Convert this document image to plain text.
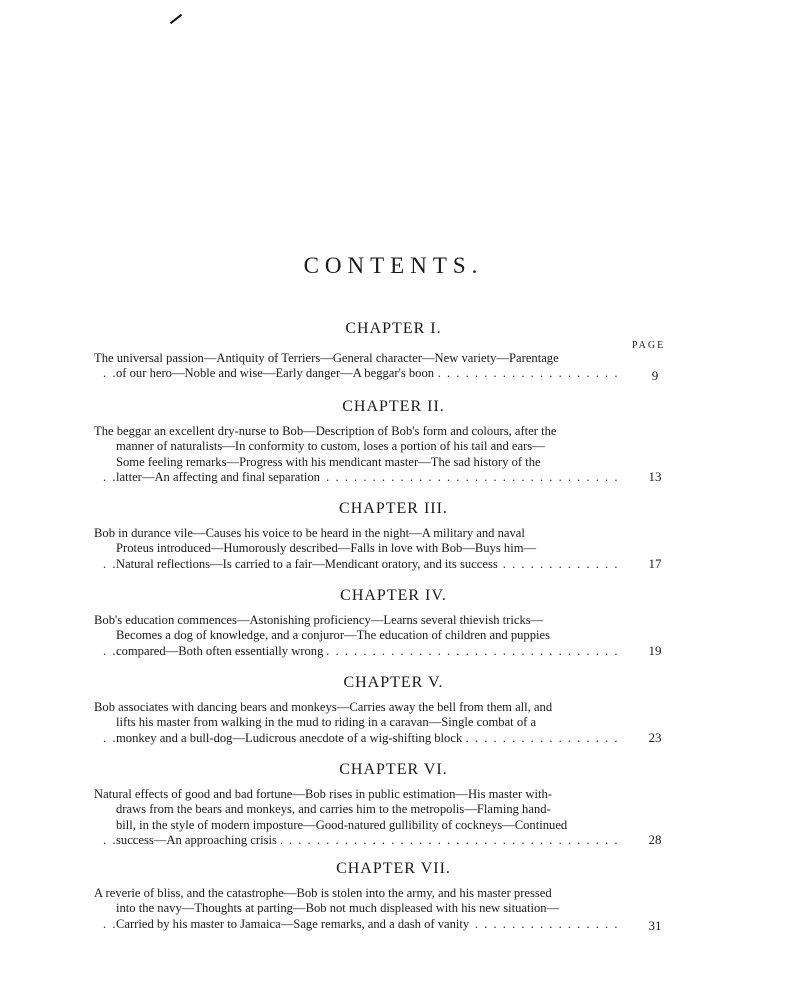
CONTENTS.
PAGE
CHAPTER I.
The universal passion—Antiquity of Terriers—General character—New variety—Parentage
of our hero—Noble and wise—Early danger—A beggar's boon . . .	9
CHAPTER II.
The beggar an excellent dry-nurse to Bob—Description of Bob's form and colours, after the
manner of naturalists—In conformity to custom, loses a portion of his tail and ears—
Some feeling remarks—Progress with his mendicant master—The sad history of the
latter—An affecting and final separation . . .	13
CHAPTER III.
Bob in durance vile—Causes his voice to be heard in the night—A military and naval
Proteus introduced—Humorously described—Falls in love with Bob—Buys him—
Natural reflections—Is carried to a fair—Mendicant oratory, and its success . . .	17
CHAPTER IV.
Bob's education commences—Astonishing proficiency—Learns several thievish tricks—
Becomes a dog of knowledge, and a conjuror—The education of children and puppies
compared—Both often essentially wrong . . .	19
CHAPTER V.
Bob associates with dancing bears and monkeys—Carries away the bell from them all, and
lifts his master from walking in the mud to riding in a caravan—Single combat of a
monkey and a bull-dog—Ludicrous anecdote of a wig-shifting block . . .	23
CHAPTER VI.
Natural effects of good and bad fortune—Bob rises in public estimation—His master with-
draws from the bears and monkeys, and carries him to the metropolis—Flaming hand-
bill, in the style of modern imposture—Good-natured gullibility of cockneys—Continued
success—An approaching crisis . . .	28
CHAPTER VII.
A reverie of bliss, and the catastrophe—Bob is stolen into the army, and his master pressed
into the navy—Thoughts at parting—Bob not much displeased with his new situation—
Carried by his master to Jamaica—Sage remarks, and a dash of vanity . . .	31
